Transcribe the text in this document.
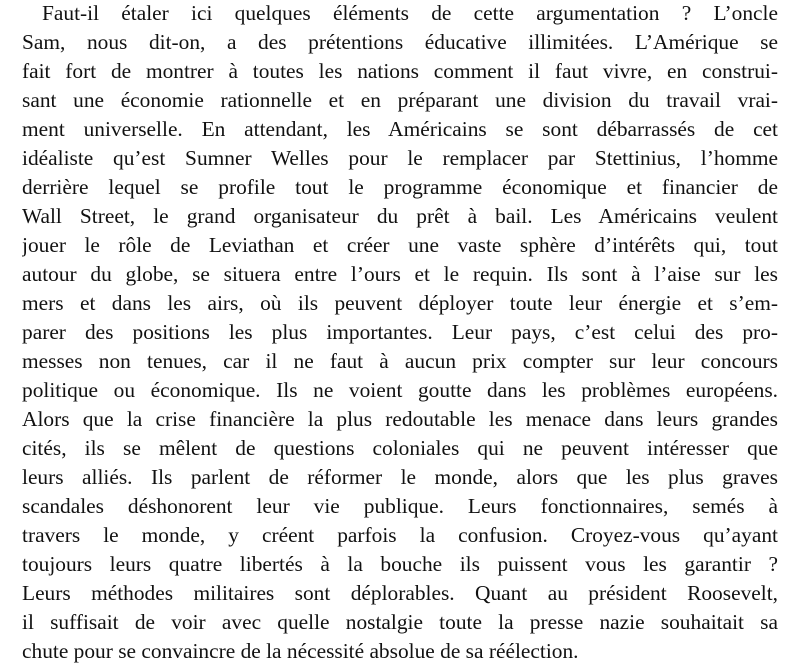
Faut-il étaler ici quelques éléments de cette argumentation ? L’oncle
Sam, nous dit-on, a des prétentions éducative illimitées. L’Amérique se
fait fort de montrer à toutes les nations comment il faut vivre, en construi-
sant une économie rationnelle et en préparant une division du travail vrai-
ment universelle. En attendant, les Américains se sont débarrassés de cet
idéaliste qu’est Sumner Welles pour le remplacer par Stettinius, l’homme
derrière lequel se profile tout le programme économique et financier de
Wall Street, le grand organisateur du prêt à bail. Les Américains veulent
jouer le rôle de Leviathan et créer une vaste sphère d’intérêts qui, tout
autour du globe, se situera entre l’ours et le requin. Ils sont à l’aise sur les
mers et dans les airs, où ils peuvent déployer toute leur énergie et s’em-
parer des positions les plus importantes. Leur pays, c’est celui des pro-
messes non tenues, car il ne faut à aucun prix compter sur leur concours
politique ou économique. Ils ne voient goutte dans les problèmes européens.
Alors que la crise financière la plus redoutable les menace dans leurs grandes
cités, ils se mêlent de questions coloniales qui ne peuvent intéresser que
leurs alliés. Ils parlent de réformer le monde, alors que les plus graves
scandales déshonorent leur vie publique. Leurs fonctionnaires, semés à
travers le monde, y créent parfois la confusion. Croyez-vous qu’ayant
toujours leurs quatre libertés à la bouche ils puissent vous les garantir ?
Leurs méthodes militaires sont déplorables. Quant au président Roosevelt,
il suffisait de voir avec quelle nostalgie toute la presse nazie souhaitait sa
chute pour se convaincre de la nécessité absolue de sa réélection.
